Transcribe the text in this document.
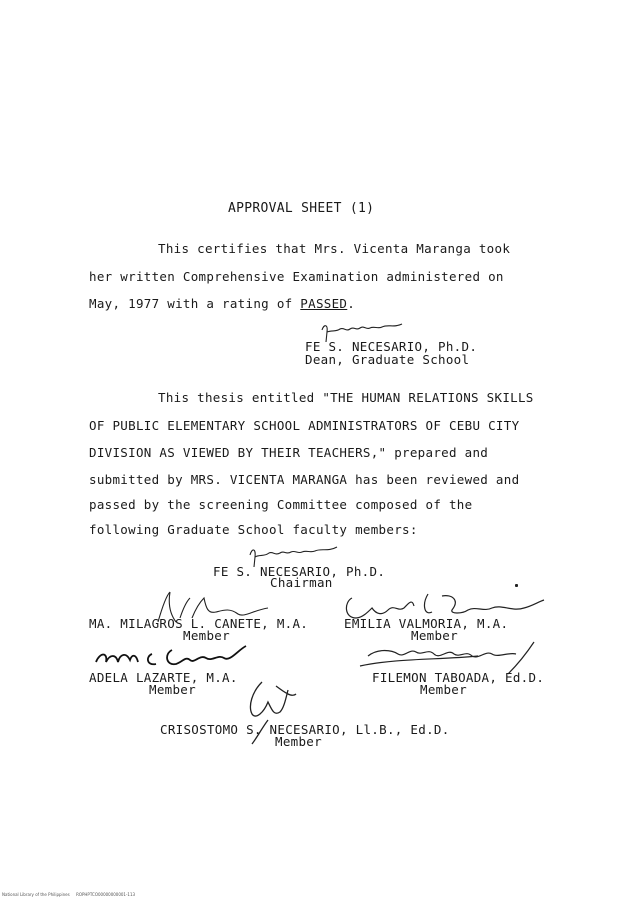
APPROVAL SHEET (1)
This certifies that Mrs. Vicenta Maranga took
her written Comprehensive Examination administered on
May, 1977 with a rating of PASSED.
FE S. NECESARIO, Ph.D.
Dean, Graduate School
This thesis entitled "THE HUMAN RELATIONS SKILLS
OF PUBLIC ELEMENTARY SCHOOL ADMINISTRATORS OF CEBU CITY
DIVISION AS VIEWED BY THEIR TEACHERS," prepared and
submitted by MRS. VICENTA MARANGA has been reviewed and
passed by the screening Committee composed of the
following Graduate School faculty members:
FE S. NECESARIO, Ph.D.
Chairman
MA. MILAGROS L. CANETE, M.A.
Member
EMILIA VALMORIA, M.A.
Member
ADELA LAZARTE, M.A.
Member
FILEMON TABOADA, Ed.D.
Member
CRISOSTOMO S. NECESARIO, Ll.B., Ed.D.
Member
National Library of the Philippines     ROPHPTCO00000000001-113
